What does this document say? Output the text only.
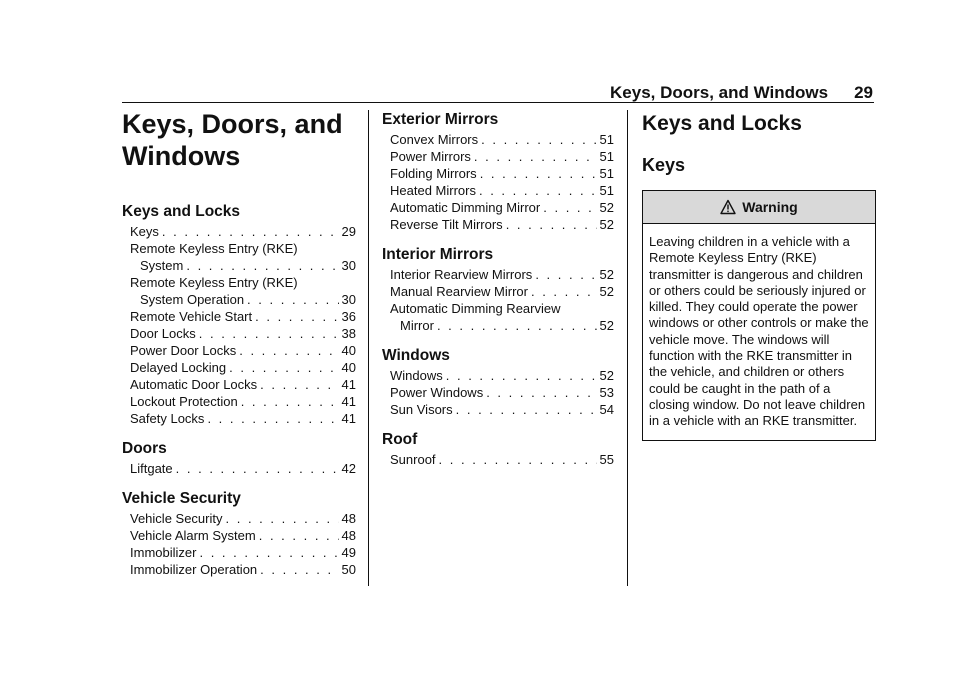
Keys, Doors, and Windows 29
Keys, Doors, and
Windows
Keys and Locks
Keys . . .	29
Remote Keyless Entry (RKE)
System . . .	30
Remote Keyless Entry (RKE)
System Operation . . .	30
Remote Vehicle Start . . .	36
Door Locks . . .	38
Power Door Locks . . .	40
Delayed Locking . . .	40
Automatic Door Locks . . .	41
Lockout Protection . . .	41
Safety Locks . . .	41
Doors
Liftgate . . .	42
Vehicle Security
Vehicle Security . . .	48
Vehicle Alarm System . . .	48
Immobilizer . . .	49
Immobilizer Operation . . .	50
Exterior Mirrors
Convex Mirrors . . .	51
Power Mirrors . . .	51
Folding Mirrors . . .	51
Heated Mirrors . . .	51
Automatic Dimming Mirror . . .	52
Reverse Tilt Mirrors . . .	52
Interior Mirrors
Interior Rearview Mirrors . . .	52
Manual Rearview Mirror . . .	52
Automatic Dimming Rearview
Mirror . . .	52
Windows
Windows . . .	52
Power Windows . . .	53
Sun Visors . . .	54
Roof
Sunroof . . .	55
Keys and Locks
Keys
Warning
Leaving children in a vehicle with a Remote Keyless Entry (RKE) transmitter is dangerous and children or others could be seriously injured or killed. They could operate the power windows or other controls or make the vehicle move. The windows will function with the RKE transmitter in the vehicle, and children or others could be caught in the path of a closing window. Do not leave children in a vehicle with an RKE transmitter.
